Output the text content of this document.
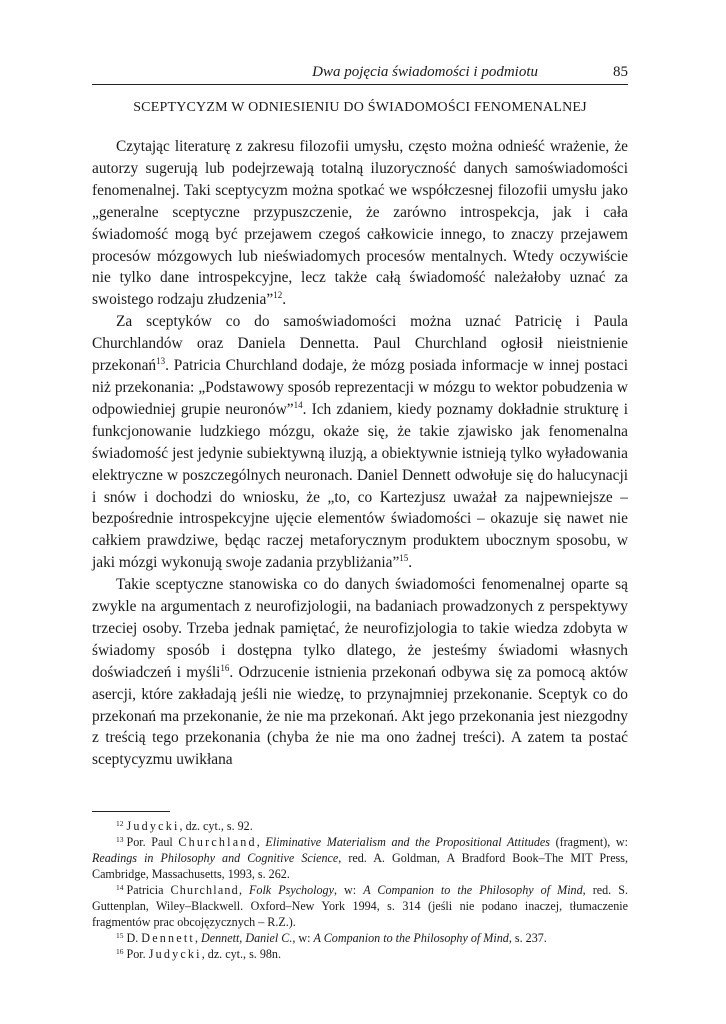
Dwa pojęcia świadomości i podmiotu	85
SCEPTYCYZM W ODNIESIENIU DO ŚWIADOMOŚCI FENOMENALNEJ

Czytając literaturę z zakresu filozofii umysłu, często można odnieść wrażenie, że autorzy sugerują lub podejrzewają totalną iluzoryczność danych samoświadomości fenomenalnej. Taki sceptycyzm można spotkać we współczesnej filozofii umysłu jako „generalne sceptyczne przypuszczenie, że zarówno introspekcja, jak i cała świadomość mogą być przejawem czegoś całkowicie innego, to znaczy przejawem procesów mózgowych lub nieświadomych procesów mentalnych. Wtedy oczywiście nie tylko dane introspekcyjne, lecz także całą świadomość należałoby uznać za swoistego rodzaju złudzenia”$^{12}$.

Za sceptyków co do samoświadomości można uznać Patricię i Paula Churchlandów oraz Daniela Dennetta. Paul Churchland ogłosił nieistnienie przekonań$^{13}$. Patricia Churchland dodaje, że mózg posiada informacje w innej postaci niż przekonania: „Podstawowy sposób reprezentacji w mózgu to wektor pobudzenia w odpowiedniej grupie neuronów”$^{14}$. Ich zdaniem, kiedy poznamy dokładnie strukturę i funkcjonowanie ludzkiego mózgu, okaże się, że takie zjawisko jak fenomenalna świadomość jest jedynie subiektywną iluzją, a obiektywnie istnieją tylko wyładowania elektryczne w poszczególnych neuronach. Daniel Dennett odwołuje się do halucynacji i snów i dochodzi do wniosku, że „to, co Kartezjusz uważał za najpewniejsze – bezpośrednie introspekcyjne ujęcie elementów świadomości – okazuje się nawet nie całkiem prawdziwe, będąc raczej metaforycznym produktem ubocznym sposobu, w jaki mózgi wykonują swoje zadania przybliżania”$^{15}$.

Takie sceptyczne stanowiska co do danych świadomości fenomenalnej oparte są zwykle na argumentach z neurofizjologii, na badaniach prowadzonych z perspektywy trzeciej osoby. Trzeba jednak pamiętać, że neurofizjologia to takie wiedza zdobyta w świadomy sposób i dostępna tylko dlatego, że jesteśmy świadomi własnych doświadczeń i myśli$^{16}$. Odrzucenie istnienia przekonań odbywa się za pomocą aktów asercji, które zakładają jeśli nie wiedzę, to przynajmniej przekonanie. Sceptyk co do przekonań ma przekonanie, że nie ma przekonań. Akt jego przekonania jest niezgodny z treścią tego przekonania (chyba że nie ma ono żadnej treści). A zatem ta postać sceptycyzmu uwikłana

$^{12}$ Judycki, dz. cyt., s. 92.

$^{13}$ Por. Paul Churchland, Eliminative Materialism and the Propositional Attitudes (fragment), w: Readings in Philosophy and Cognitive Science, red. A. Goldman, A Bradford Book–The MIT Press, Cambridge, Massachusetts, 1993, s. 262.

$^{14}$ Patricia Churchland, Folk Psychology, w: A Companion to the Philosophy of Mind, red. S. Guttenplan, Wiley–Blackwell. Oxford–New York 1994, s. 314 (jeśli nie podano inaczej, tłumaczenie fragmentów prac obcojęzycznych – R.Z.).

$^{15}$ D. Dennett, Dennett, Daniel C., w: A Companion to the Philosophy of Mind, s. 237.

$^{16}$ Por. Judycki, dz. cyt., s. 98n.
